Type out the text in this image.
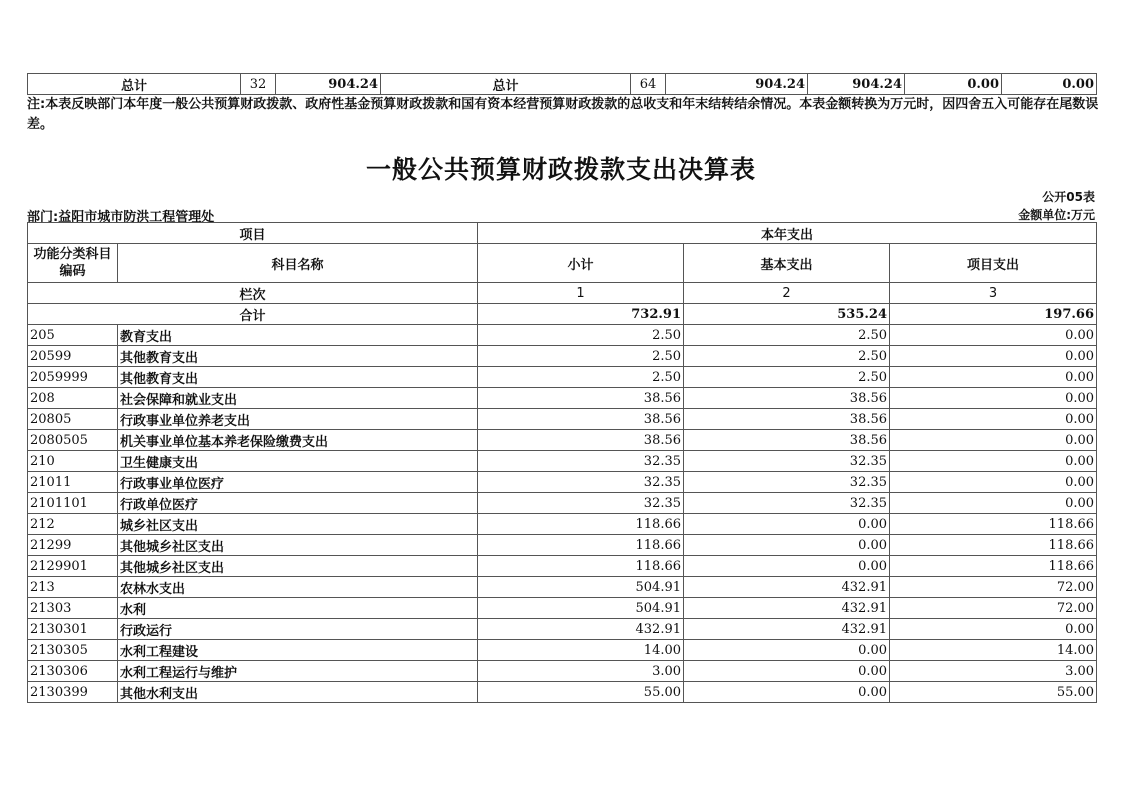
总计	32	904.24	总计	64	904.24	904.24	0.00	0.00
注:本表反映部门本年度一般公共预算财政拨款、政府性基金预算财政拨款和国有资本经营预算财政拨款的总收支和年末结转结余情况。本表金额转换为万元时，因四舍五入可能存在尾数误差。
一般公共预算财政拨款支出决算表
公开05表
部门:益阳市城市防洪工程管理处	金额单位:万元
项目		本年支出		
功能分类科目编码	科目名称	小计	基本支出	项目支出
栏次		1	2	3
合计		732.91	535.24	197.66
205	教育支出	2.50	2.50	0.00
20599	其他教育支出	2.50	2.50	0.00
2059999	其他教育支出	2.50	2.50	0.00
208	社会保障和就业支出	38.56	38.56	0.00
20805	行政事业单位养老支出	38.56	38.56	0.00
2080505	机关事业单位基本养老保险缴费支出	38.56	38.56	0.00
210	卫生健康支出	32.35	32.35	0.00
21011	行政事业单位医疗	32.35	32.35	0.00
2101101	行政单位医疗	32.35	32.35	0.00
212	城乡社区支出	118.66	0.00	118.66
21299	其他城乡社区支出	118.66	0.00	118.66
2129901	其他城乡社区支出	118.66	0.00	118.66
213	农林水支出	504.91	432.91	72.00
21303	水利	504.91	432.91	72.00
2130301	行政运行	432.91	432.91	0.00
2130305	水利工程建设	14.00	0.00	14.00
2130306	水利工程运行与维护	3.00	0.00	3.00
2130399	其他水利支出	55.00	0.00	55.00
